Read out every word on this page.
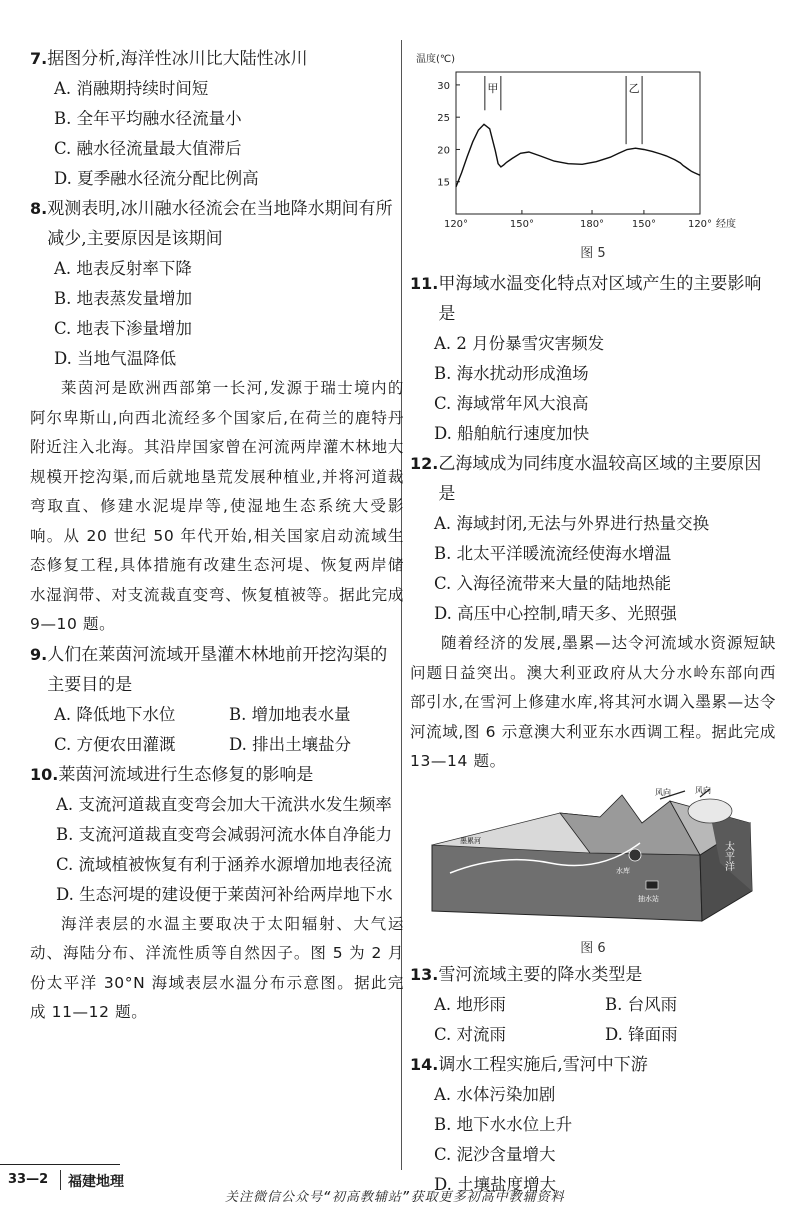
7. 据图分析,海洋性冰川比大陆性冰川
A. 消融期持续时间短
B. 全年平均融水径流量小
C. 融水径流量最大值滞后
D. 夏季融水径流分配比例高
8. 观测表明,冰川融水径流会在当地降水期间有所减少,主要原因是该期间
A. 地表反射率下降
B. 地表蒸发量增加
C. 地表下渗量增加
D. 当地气温降低
莱茵河是欧洲西部第一长河,发源于瑞士境内的阿尔卑斯山,向西北流经多个国家后,在荷兰的鹿特丹附近注入北海。其沿岸国家曾在河流两岸灌木林地大规模开挖沟渠,而后就地垦荒发展种植业,并将河道裁弯取直、修建水泥堤岸等,使湿地生态系统大受影响。从 20 世纪 50 年代开始,相关国家启动流域生态修复工程,具体措施有改建生态河堤、恢复两岸储水湿润带、对支流裁直变弯、恢复植被等。据此完成 9—10 题。
9. 人们在莱茵河流域开垦灌木林地前开挖沟渠的主要目的是
A. 降低地下水位	B. 增加地表水量
C. 方便农田灌溉	D. 排出土壤盐分
10. 莱茵河流域进行生态修复的影响是
A. 支流河道裁直变弯会加大干流洪水发生频率
B. 支流河道裁直变弯会减弱河流水体自净能力
C. 流域植被恢复有利于涵养水源增加地表径流
D. 生态河堤的建设便于莱茵河补给两岸地下水
海洋表层的水温主要取决于太阳辐射、大气运动、海陆分布、洋流性质等自然因子。图 5 为 2 月份太平洋 30°N 海域表层水温分布示意图。据此完成 11—12 题。
温度(℃)
15
20
25
30
120°	150°	180°	150°	120° 经度
甲	乙
图 5
11. 甲海域水温变化特点对区域产生的主要影响是
A. 2 月份暴雪灾害频发
B. 海水扰动形成渔场
C. 海域常年风大浪高
D. 船舶航行速度加快
12. 乙海域成为同纬度水温较高区域的主要原因是
A. 海域封闭,无法与外界进行热量交换
B. 北太平洋暖流流经使海水增温
C. 入海径流带来大量的陆地热能
D. 高压中心控制,晴天多、光照强
随着经济的发展,墨累—达令河流域水资源短缺问题日益突出。澳大利亚政府从大分水岭东部向西部引水,在雪河上修建水库,将其河水调入墨累—达令河流域,图 6 示意澳大利亚东水西调工程。据此完成 13—14 题。
风向	风向
太平洋
墨累河
水库
抽水站
图 6
13. 雪河流域主要的降水类型是
A. 地形雨	B. 台风雨
C. 对流雨	D. 锋面雨
14. 调水工程实施后,雪河中下游
A. 水体污染加剧
B. 地下水水位上升
C. 泥沙含量增大
D. 土壤盐度增大
33—2 福建地理
关注微信公众号“初高教辅站”获取更多初高中教辅资料
